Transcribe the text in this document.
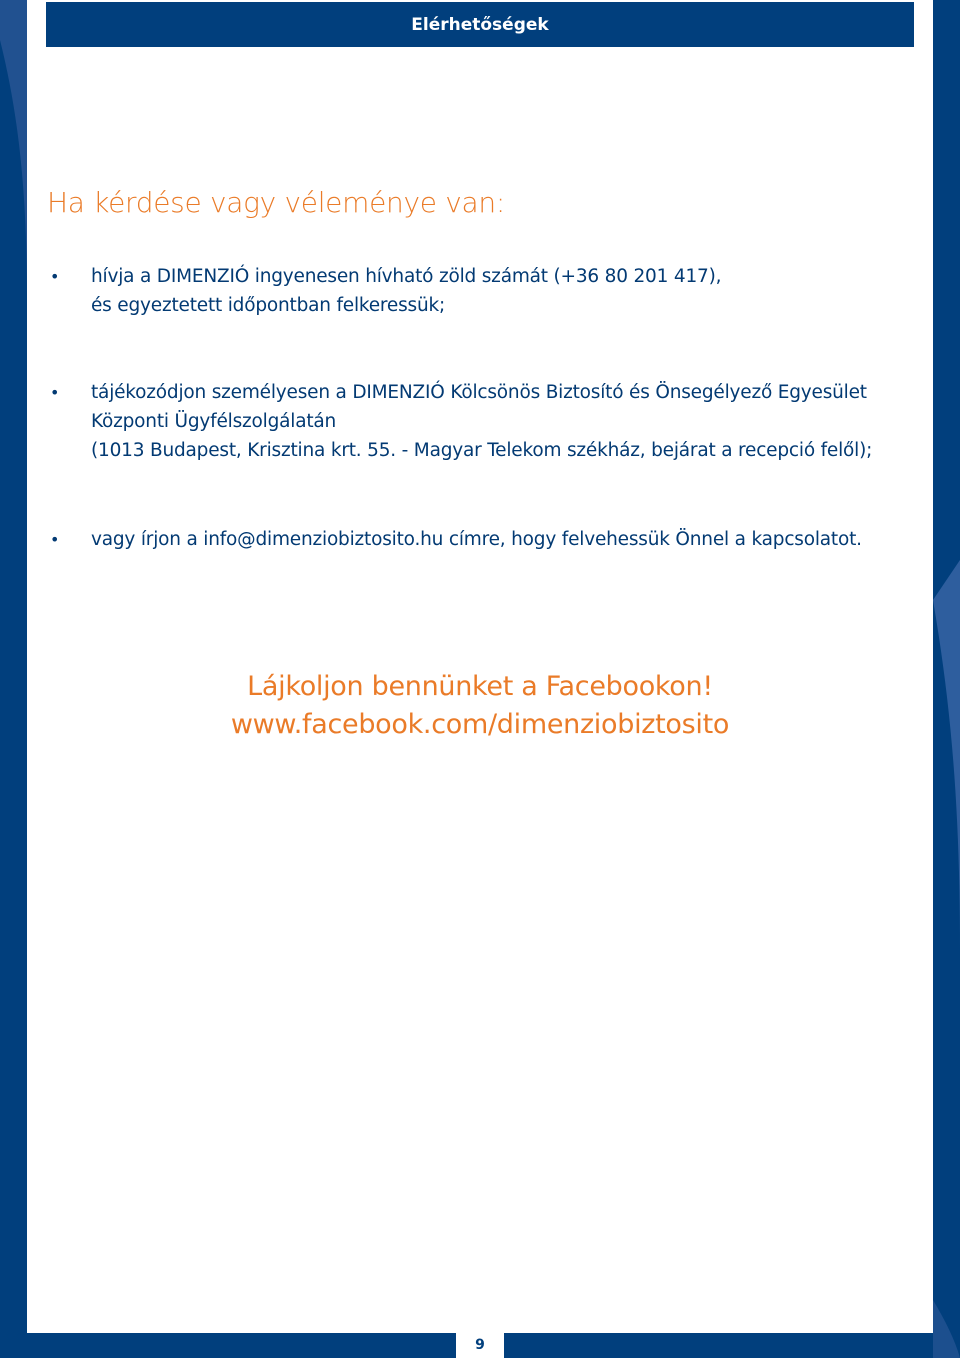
Elérhetőségek
Ha kérdése vagy véleménye van:
• hívja a DIMENZIÓ ingyenesen hívható zöld számát (+36 80 201 417),
és egyeztetett időpontban felkeressük;
• tájékozódjon személyesen a DIMENZIÓ Kölcsönös Biztosító és Önsegélyező Egyesület
Központi Ügyfélszolgálatán
(1013 Budapest, Krisztina krt. 55. - Magyar Telekom székház, bejárat a recepció felől);
• vagy írjon a info@dimenziobiztosito.hu címre, hogy felvehessük Önnel a kapcsolatot.
Lájkoljon bennünket a Facebookon!
www.facebook.com/dimenziobiztosito
9
